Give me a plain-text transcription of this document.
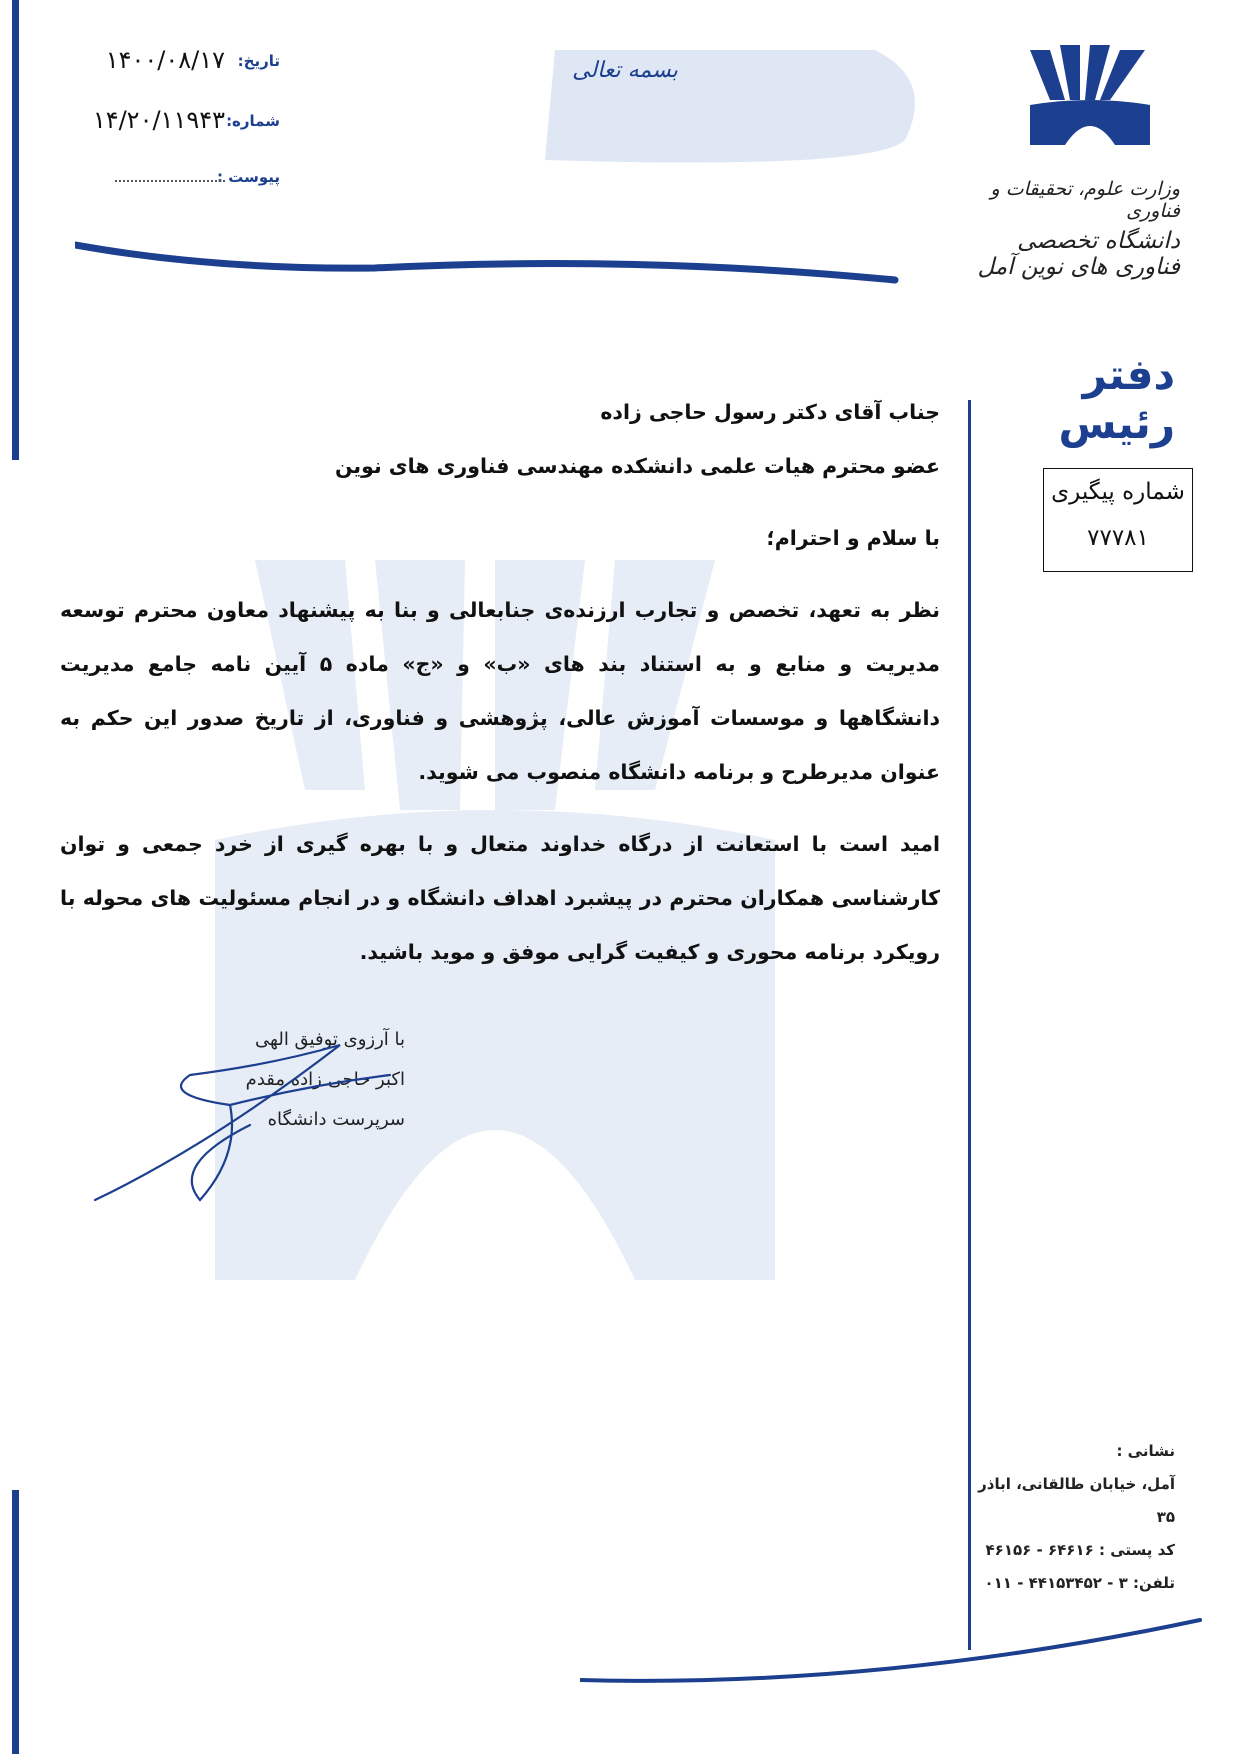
بسمه تعالی
تاریخ:
۱۴۰۰/۰۸/۱۷
شماره:
۱۴/۲۰/۱۱۹۴۳
پیوست :
وزارت علوم، تحقیقات و فناوری
دانشگاه تخصصی فناوری های نوین آمل
دفتر رئیس
شماره پیگیری
۷۷۷۸۱

جناب آقای دکتر رسول حاجی زاده

عضو محترم هیات علمی دانشکده مهندسی فناوری های نوین

با سلام و احترام؛

نظر به تعهد، تخصص و تجارب ارزنده‌ی جنابعالی و بنا به پیشنهاد معاون محترم توسعه مدیریت و منابع و به استناد بند های «ب» و «ج» ماده ۵ آیین نامه جامع مدیریت دانشگاهها و موسسات آموزش عالی، پژوهشی و فناوری، از تاریخ صدور این حکم به عنوان مدیرطرح و برنامه دانشگاه منصوب می شوید.

امید است با استعانت از درگاه خداوند متعال و با بهره گیری از خرد جمعی و توان کارشناسی همکاران محترم در پیشبرد اهداف دانشگاه و در انجام مسئولیت های محوله با رویکرد برنامه محوری و کیفیت گرایی موفق و موید باشید.

با آرزوی توفیق الهی
اکبر حاجی زاده مقدم
سرپرست دانشگاه
نشانی :
آمل، خیابان طالقانی، اباذر ۳۵
کد پستی : ۶۴۶۱۶ - ۴۶۱۵۶
تلفن: ۳ - ۴۴۱۵۳۴۵۲ - ۰۱۱
